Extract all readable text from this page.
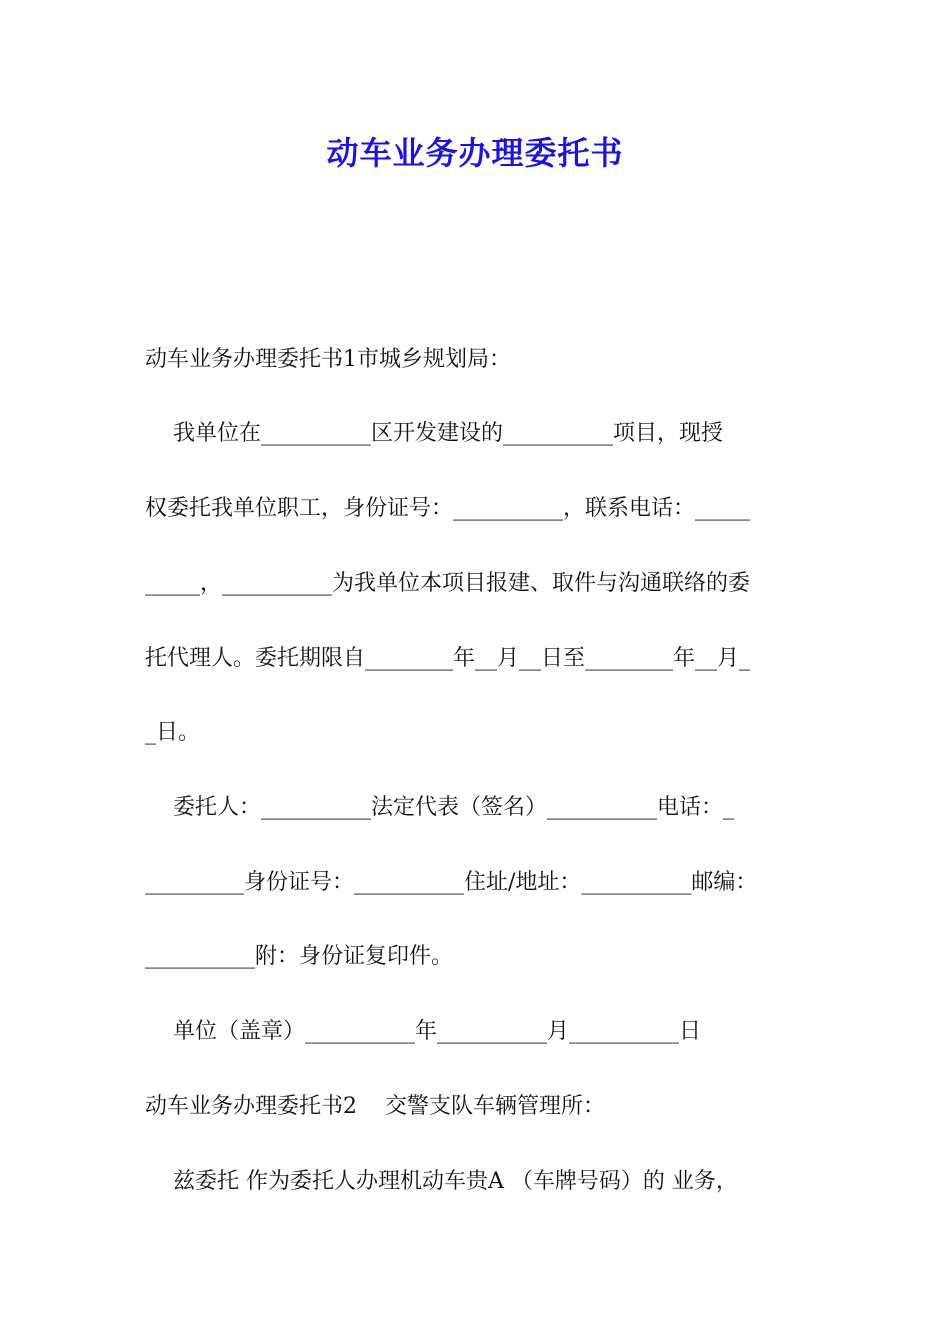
动车业务办理委托书
动车业务办理委托书1市城乡规划局：
我单位在__________区开发建设的__________项目，现授
权委托我单位职工，身份证号：__________，联系电话：_____
_____，__________为我单位本项目报建、取件与沟通联络的委
托代理人。委托期限自________年__月__日至________年__月_
_日。
委托人：__________法定代表（签名）__________电话：_
_________身份证号：__________住址/地址：__________邮编：
__________附：身份证复印件。
单位（盖章）__________年__________月__________日
动车业务办理委托书2    交警支队车辆管理所：
兹委托 作为委托人办理机动车贵A （车牌号码）的 业务，
